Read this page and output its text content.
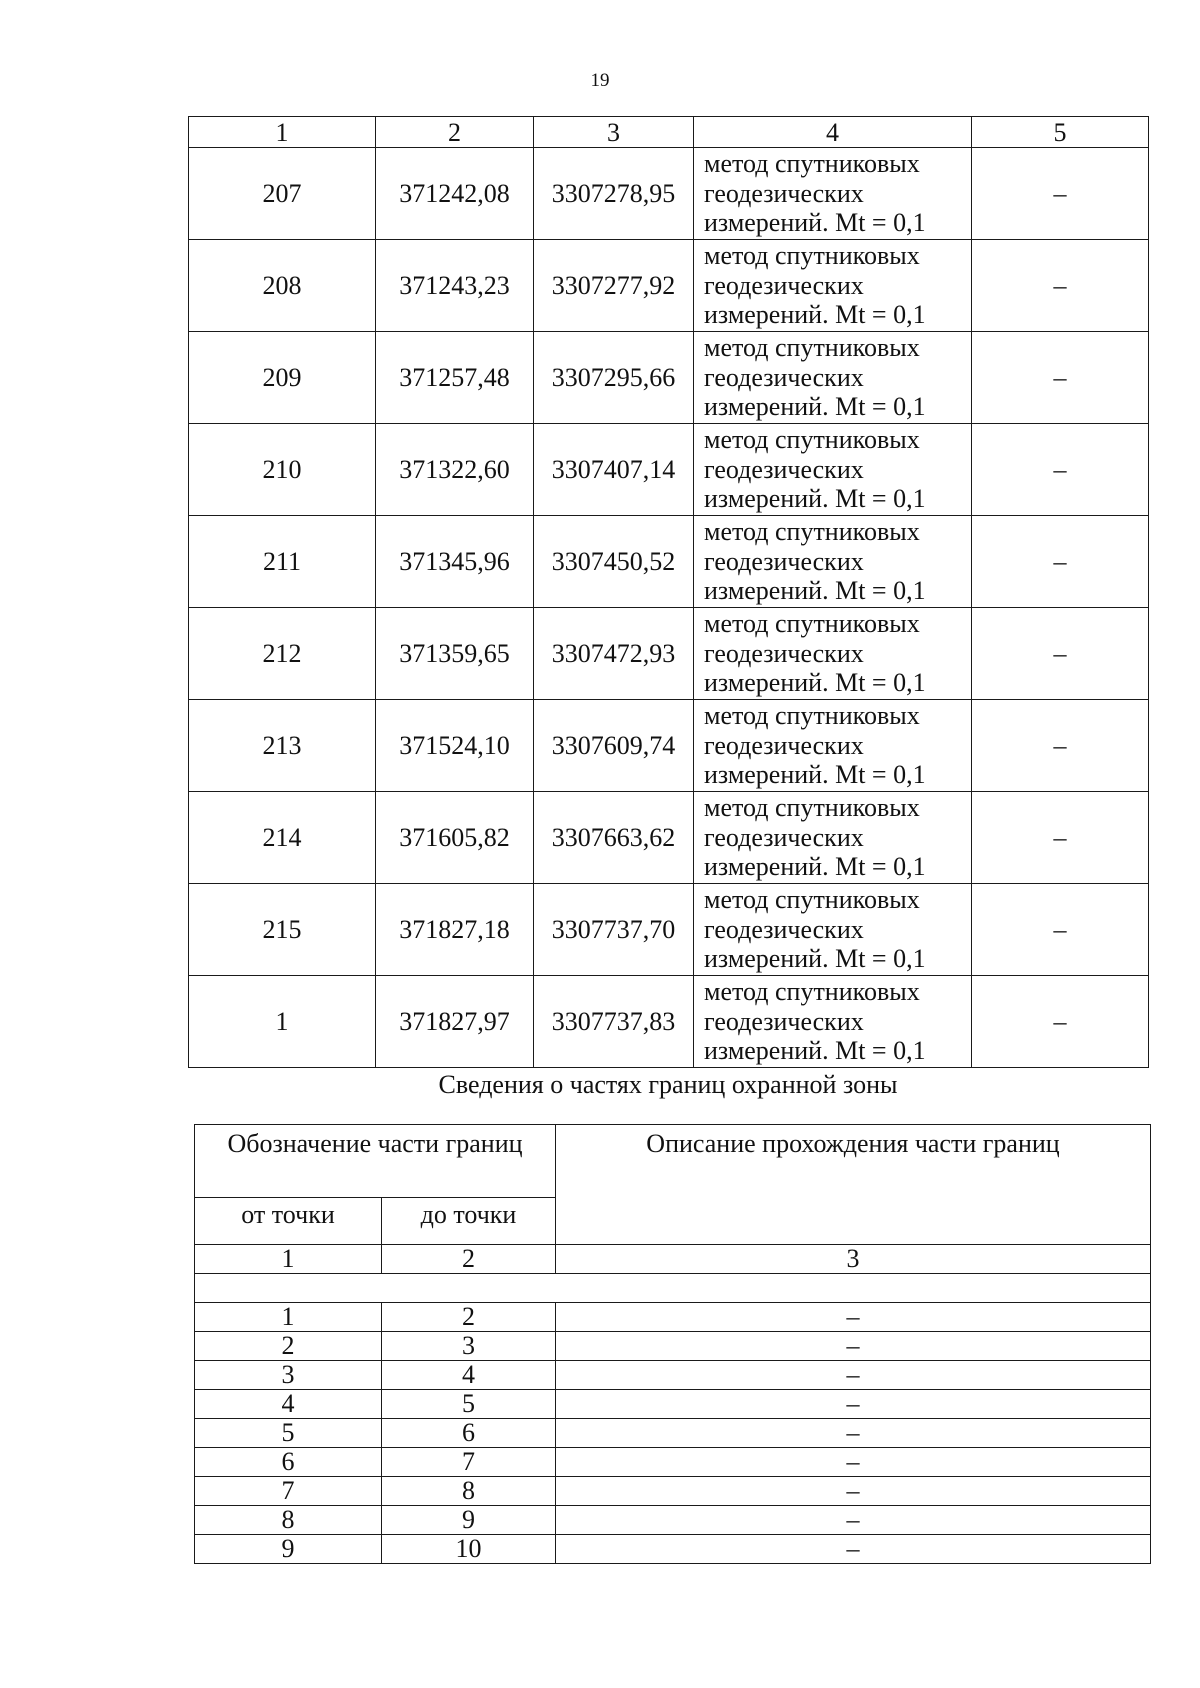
19
1	2	3	4	5
207	371242,08	3307278,95	метод спутниковых
геодезических
измерений. Mt = 0,1	–
208	371243,23	3307277,92	метод спутниковых
геодезических
измерений. Mt = 0,1	–
209	371257,48	3307295,66	метод спутниковых
геодезических
измерений. Mt = 0,1	–
210	371322,60	3307407,14	метод спутниковых
геодезических
измерений. Mt = 0,1	–
211	371345,96	3307450,52	метод спутниковых
геодезических
измерений. Mt = 0,1	–
212	371359,65	3307472,93	метод спутниковых
геодезических
измерений. Mt = 0,1	–
213	371524,10	3307609,74	метод спутниковых
геодезических
измерений. Mt = 0,1	–
214	371605,82	3307663,62	метод спутниковых
геодезических
измерений. Mt = 0,1	–
215	371827,18	3307737,70	метод спутниковых
геодезических
измерений. Mt = 0,1	–
1	371827,97	3307737,83	метод спутниковых
геодезических
измерений. Mt = 0,1	–
Сведения о частях границ охранной зоны
Обозначение части границ		Описание прохождения части границ
от точки	до точки	
1	2	3

1	2	–
2	3	–
3	4	–
4	5	–
5	6	–
6	7	–
7	8	–
8	9	–
9	10	–
